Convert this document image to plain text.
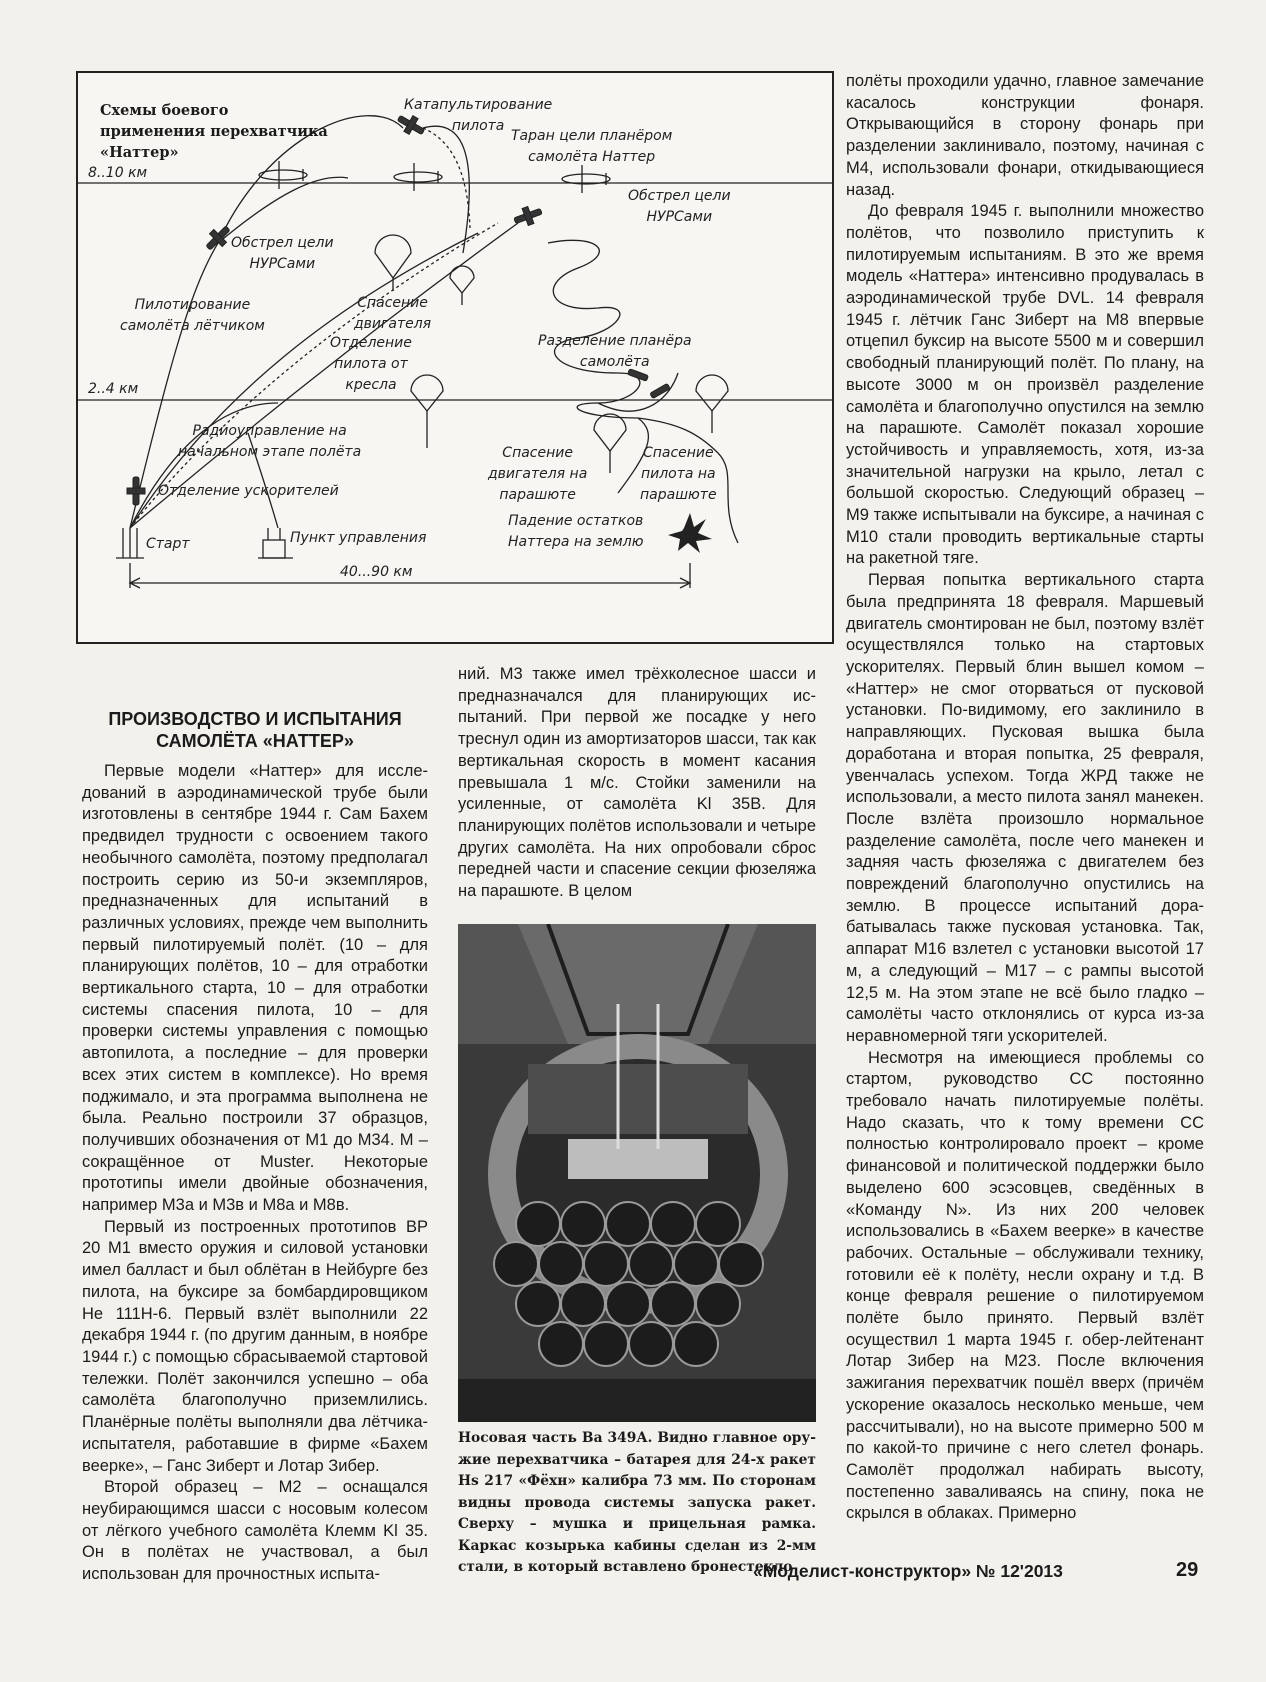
Схемы боевого применения перехватчика «Наттер»
8..10 км
2..4 км
40...90 км
Катапультирование
пилота
Таран цели планёром
самолёта Наттер
Обстрел цели
НУРСами
Обстрел цели
НУРСами
Пилотирование
самолёта лётчиком
Спасение
двигателя
Отделение
пилота от
кресла
Разделение планёра
самолёта
Радиоуправление на
начальном этапе полёта
Отделение ускорителей
Старт	Пункт управления
Спасение
двигателя на
парашюте
Спасение
пилота на
парашюте
Падение остатков
Наттера на землю
ПРОИЗВОДСТВО И ИСПЫТАНИЯ САМОЛЁТА «НАТТЕР»

Первые модели «Наттер» для исследований в аэродинамической трубе были изготовлены в сентябре 1944 г. Сам Бахем предвидел трудности с освоением такого необычного самолёта, поэтому предполагал построить серию из 50-и экземпляров, предназначенных для испытаний в различных условиях, прежде чем выполнить первый пилотируемый полёт. (10 – для планирующих полётов, 10 – для отработки вертикального старта, 10 – для отработки системы спасения пилота, 10 – для проверки системы управления с помощью автопилота, а последние – для проверки всех этих систем в комплексе). Но время поджимало, и эта программа выполнена не была. Реально построили 37 образцов, получивших обозначения от М1 до М34. М – сокращённое от Muster. Некоторые прототипы имели двойные обозначения, например М3а и М3в и М8а и М8в.

Первый из построенных прототипов ВР 20 М1 вместо оружия и силовой установки имел балласт и был облётан в Нейбурге без пилота, на буксире за бомбардировщиком Не 111Н-6. Первый взлёт выполнили 22 декабря 1944 г. (по другим данным, в ноябре 1944 г.) с помощью сбрасываемой стартовой тележки. Полёт закончился успешно – оба самолёта благополучно приземлились. Планёрные полёты выполняли два лётчика- испытателя, работавшие в фирме «Бахем веерке», – Ганс Зиберт и Лотар Зибер.

Второй образец – М2 – оснащался неубирающимся шасси с носовым колесом от лёгкого учебного самолёта Клемм Kl 35. Он в полётах не участвовал, а был использован для прочностных испыта-

ний. М3 также имел трёхколесное шасси и предназначался для планирующих испытаний. При первой же посадке у него треснул один из амортизаторов шасси, так как вертикальная скорость в момент касания превышала 1 м/с. Стойки заменили на усиленные, от самолёта Kl 35B. Для планирующих полётов использовали и четыре других самолёта. На них опробовали сброс передней части и спасение секции фюзеляжа на парашюте. В целом

Носовая часть Ва 349А. Видно главное оружие перехватчика – батарея для 24-х ракет Hs 217 «Фёхн» калибра 73 мм. По сторонам видны провода системы запуска ракет. Сверху – мушка и прицельная рамка. Каркас козырька кабины сделан из 2-мм стали, в который вставлено бронестекло

полёты проходили удачно, главное замечание касалось конструкции фонаря. Открывающийся в сторону фонарь при разделении заклинивало, поэтому, начиная с М4, использовали фонари, откидывающиеся назад.

До февраля 1945 г. выполнили множество полётов, что позволило приступить к пилотируемым испытаниям. В это же время модель «Наттера» интенсивно продувалась в аэродинамической трубе DVL. 14 февраля 1945 г. лётчик Ганс Зиберт на М8 впервые отцепил буксир на высоте 5500 м и совершил свободный планирующий полёт. По плану, на высоте 3000 м он произвёл разделение самолёта и благополучно опустился на землю на парашюте. Самолёт показал хорошие устойчивость и управляемость, хотя, из-за значительной нагрузки на крыло, летал с большой скоростью. Следующий образец – М9 также испытывали на буксире, а начиная с М10 стали проводить вертикальные старты на ракетной тяге.

Первая попытка вертикального старта была предпринята 18 февраля. Маршевый двигатель смонтирован не был, поэтому взлёт осуществлялся только на стартовых ускорителях. Первый блин вышел комом – «Наттер» не смог оторваться от пусковой установки. По-видимому, его заклинило в направляющих. Пусковая вышка была доработана и вторая попытка, 25 февраля, увенчалась успехом. Тогда ЖРД также не использовали, а место пилота занял манекен. После взлёта произошло нормальное разделение самолёта, после чего манекен и задняя часть фюзеляжа с двигателем без повреждений благополучно опустились на землю. В процессе испытаний дорабатывалась также пусковая установка. Так, аппарат М16 взлетел с установки высотой 17 м, а следующий – М17 – с рампы высотой 12,5 м. На этом этапе не всё было гладко – самолёты часто отклонялись от курса из-за неравномерной тяги ускорителей.

Несмотря на имеющиеся проблемы со стартом, руководство СС постоянно требовало начать пилотируемые полёты. Надо сказать, что к тому времени СС полностью контролировало проект – кроме финансовой и политической поддержки было выделено 600 эсэсовцев, сведённых в «Команду N». Из них 200 человек использовались в «Бахем веерке» в качестве рабочих. Остальные – обслуживали технику, готовили её к полёту, несли охрану и т.д. В конце февраля решение о пилотируемом полёте было принято. Первый взлёт осуществил 1 марта 1945 г. обер-лейтенант Лотар Зибер на М23. После включения зажигания перехватчик пошёл вверх (причём ускорение оказалось несколько меньше, чем рассчитывали), но на высоте примерно 500 м по какой-то причине с него слетел фонарь. Самолёт продолжал набирать высоту, постепенно заваливаясь на спину, пока не скрылся в облаках. Примерно

«Моделист-конструктор» № 12'2013	29
